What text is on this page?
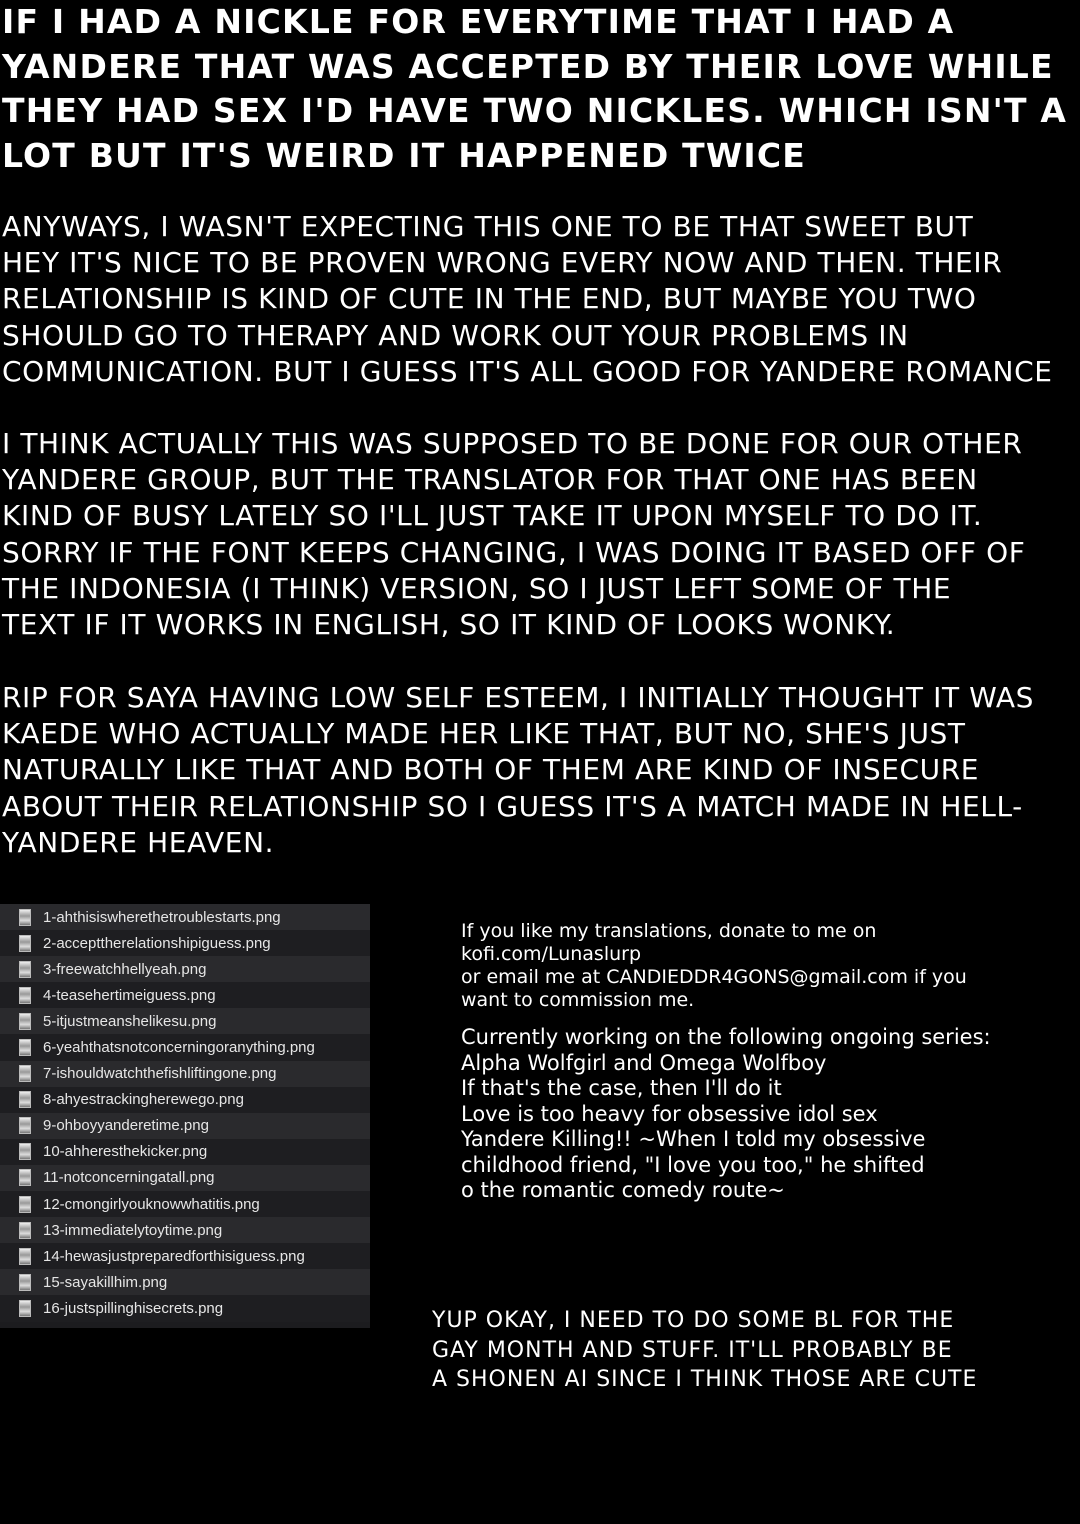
IF I HAD A NICKLE FOR EVERYTIME THAT I HAD A
YANDERE THAT WAS ACCEPTED BY THEIR LOVE WHILE
THEY HAD SEX I'D HAVE TWO NICKLES. WHICH ISN'T A
LOT BUT IT'S WEIRD IT HAPPENED TWICE

ANYWAYS, I WASN'T EXPECTING THIS ONE TO BE THAT SWEET BUT
HEY IT'S NICE TO BE PROVEN WRONG EVERY NOW AND THEN. THEIR
RELATIONSHIP IS KIND OF CUTE IN THE END, BUT MAYBE YOU TWO
SHOULD GO TO THERAPY AND WORK OUT YOUR PROBLEMS IN
COMMUNICATION. BUT I GUESS IT'S ALL GOOD FOR YANDERE ROMANCE

I THINK ACTUALLY THIS WAS SUPPOSED TO BE DONE FOR OUR OTHER
YANDERE GROUP, BUT THE TRANSLATOR FOR THAT ONE HAS BEEN
KIND OF BUSY LATELY SO I'LL JUST TAKE IT UPON MYSELF TO DO IT.
SORRY IF THE FONT KEEPS CHANGING, I WAS DOING IT BASED OFF OF
THE INDONESIA (I THINK) VERSION, SO I JUST LEFT SOME OF THE
TEXT IF IT WORKS IN ENGLISH, SO IT KIND OF LOOKS WONKY.

RIP FOR SAYA HAVING LOW SELF ESTEEM, I INITIALLY THOUGHT IT WAS
KAEDE WHO ACTUALLY MADE HER LIKE THAT, BUT NO, SHE'S JUST
NATURALLY LIKE THAT AND BOTH OF THEM ARE KIND OF INSECURE
ABOUT THEIR RELATIONSHIP SO I GUESS IT'S A MATCH MADE IN HELL-
YANDERE HEAVEN.

1-ahthisiswherethetroublestarts.png
2-accepttherelationshipiguess.png
3-freewatchhellyeah.png
4-teasehertimeiguess.png
5-itjustmeanshelikesu.png
6-yeahthatsnotconcerningoranything.png
7-ishouldwatchthefishliftingone.png
8-ahyestrackingherewego.png
9-ohboyyanderetime.png
10-ahheresthekicker.png
11-notconcerningatall.png
12-cmongirlyouknowwhatitis.png
13-immediatelytoytime.png
14-hewasjustpreparedforthisiguess.png
15-sayakillhim.png
16-justspillinghisecrets.png
If you like my translations, donate to me on
kofi.com/Lunaslurp
or email me at CANDIEDDR4GONS@gmail.com if you
want to commission me.
Currently working on the following ongoing series:
Alpha Wolfgirl and Omega Wolfboy
If that's the case, then I'll do it
Love is too heavy for obsessive idol sex
Yandere Killing!! ~When I told my obsessive
childhood friend, "I love you too," he shifted
o the romantic comedy route~

YUP OKAY, I NEED TO DO SOME BL FOR THE
GAY MONTH AND STUFF. IT'LL PROBABLY BE
A SHONEN AI SINCE I THINK THOSE ARE CUTE
